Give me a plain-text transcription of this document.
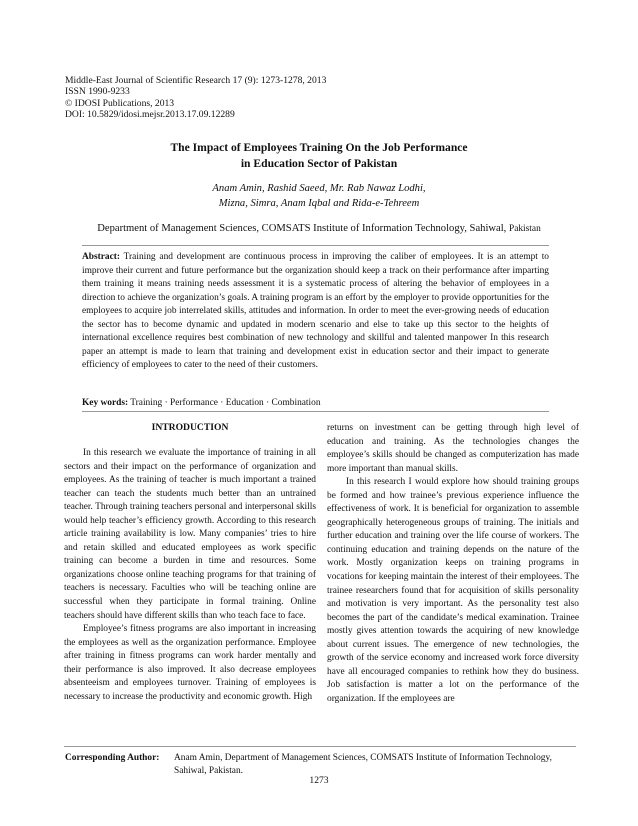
Middle-East Journal of Scientific Research 17 (9): 1273-1278, 2013
ISSN 1990-9233
© IDOSI Publications, 2013
DOI: 10.5829/idosi.mejsr.2013.17.09.12289
The Impact of Employees Training On the Job Performance
in Education Sector of Pakistan
Anam Amin, Rashid Saeed, Mr. Rab Nawaz Lodhi,
Mizna, Simra, Anam Iqbal and Rida-e-Tehreem
Department of Management Sciences, COMSATS Institute of Information Technology, Sahiwal, Pakistan
Abstract: Training and development are continuous process in improving the caliber of employees. It is an attempt to improve their current and future performance but the organization should keep a track on their performance after imparting them training it means training needs assessment it is a systematic process of altering the behavior of employees in a direction to achieve the organization’s goals. A training program is an effort by the employer to provide opportunities for the employees to acquire job interrelated skills, attitudes and information. In order to meet the ever-growing needs of education the sector has to become dynamic and updated in modern scenario and else to take up this sector to the heights of international excellence requires best combination of new technology and skillful and talented manpower In this research paper an attempt is made to learn that training and development exist in education sector and their impact to generate efficiency of employees to cater to the need of their customers.
Key words: Training · Performance · Education · Combination
INTRODUCTION

In this research we evaluate the importance of training in all sectors and their impact on the performance of organization and employees. As the training of teacher is much important a trained teacher can teach the students much better than an untrained teacher. Through training teachers personal and interpersonal skills would help teacher’s efficiency growth. According to this research article training availability is low. Many companies’ tries to hire and retain skilled and educated employees as work specific training can become a burden in time and resources. Some organizations choose online teaching programs for that training of teachers is necessary. Faculties who will be teaching online are successful when they participate in formal training. Online teachers should have different skills than who teach face to face.

Employee’s fitness programs are also important in increasing the employees as well as the organization performance. Employee after training in fitness programs can work harder mentally and their performance is also improved. It also decrease employees absenteeism and employees turnover. Training of employees is necessary to increase the productivity and economic growth. High

returns on investment can be getting through high level of education and training. As the technologies changes the employee’s skills should be changed as computerization has made more important than manual skills.

In this research I would explore how should training groups be formed and how trainee’s previous experience influence the effectiveness of work. It is beneficial for organization to assemble geographically heterogeneous groups of training. The initials and further education and training over the life course of workers. The continuing education and training depends on the nature of the work. Mostly organization keeps on training programs in vocations for keeping maintain the interest of their employees. The trainee researchers found that for acquisition of skills personality and motivation is very important. As the personality test also becomes the part of the candidate’s medical examination. Trainee mostly gives attention towards the acquiring of new knowledge about current issues. The emergence of new technologies, the growth of the service economy and increased work force diversity have all encouraged companies to rethink how they do business. Job satisfaction is matter a lot on the performance of the organization. If the employees are

Corresponding Author: Anam Amin, Department of Management Sciences, COMSATS Institute of Information Technology, Sahiwal, Pakistan.
1273
